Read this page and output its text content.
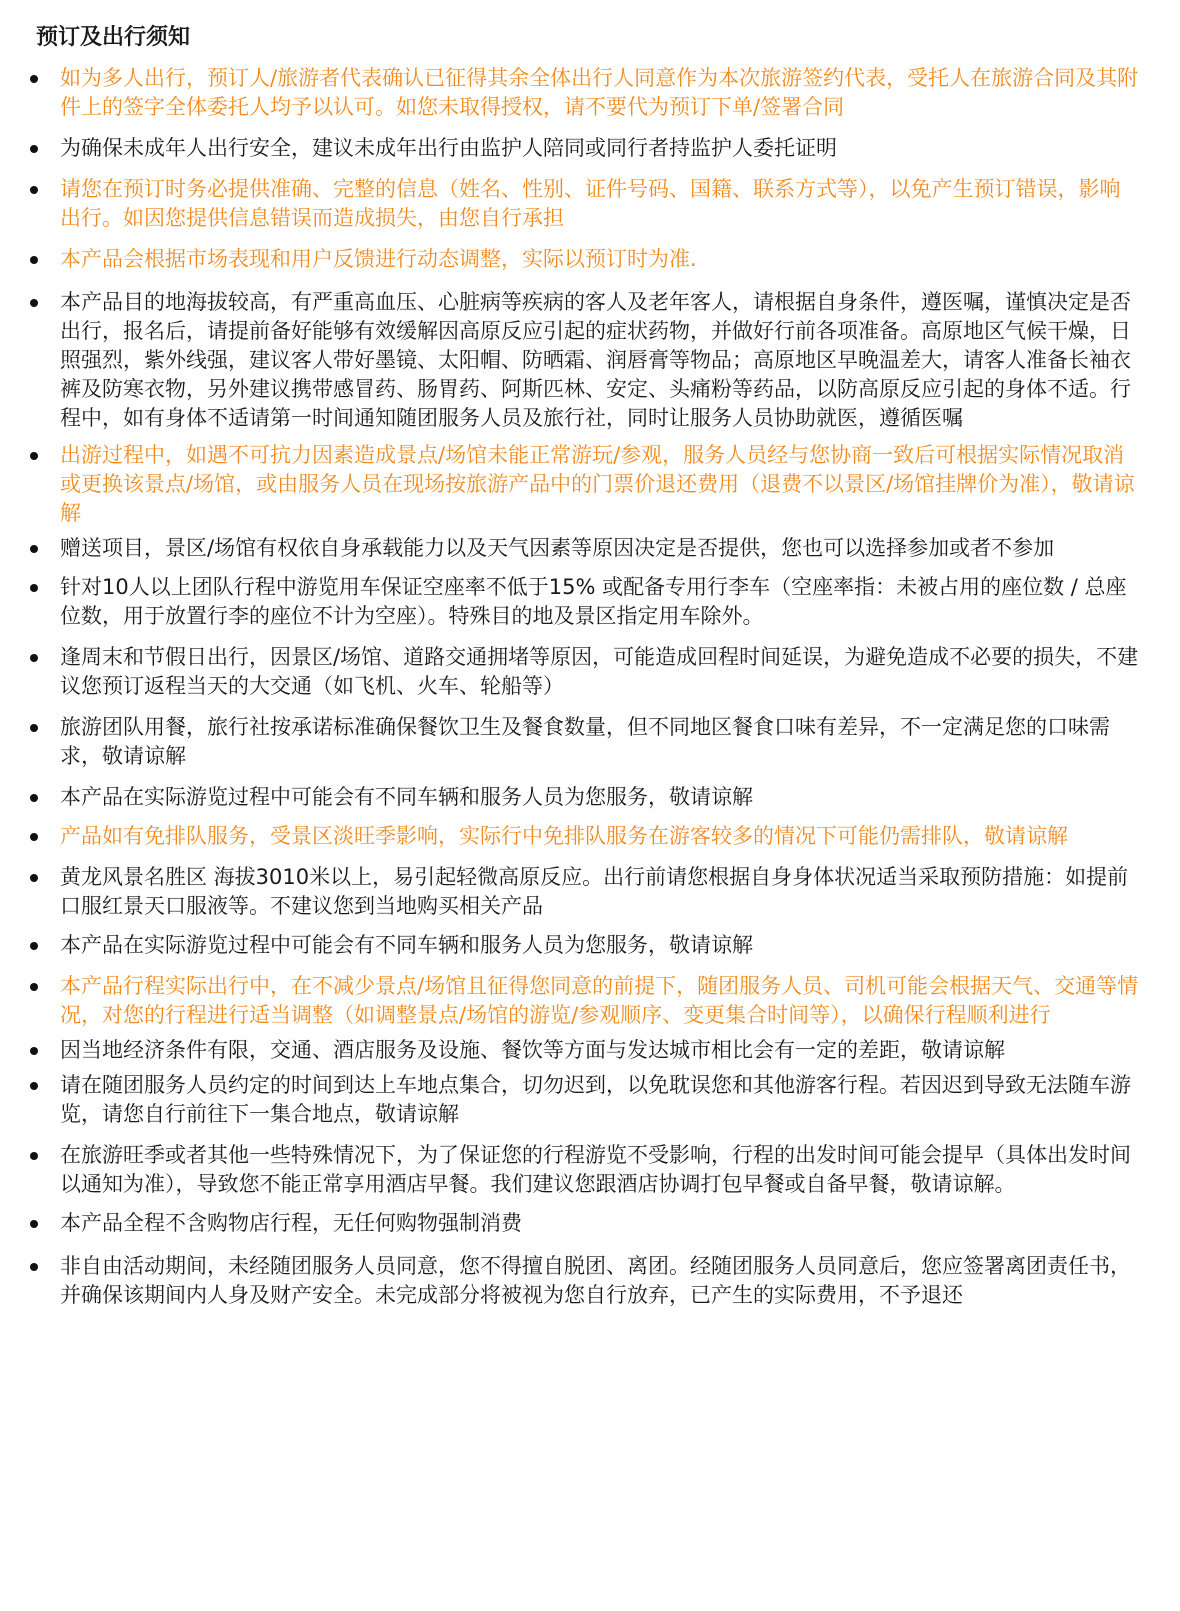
预订及出行须知
如为多人出行，预订人/旅游者代表确认已征得其余全体出行人同意作为本次旅游签约代表，受托人在旅游合同及其附件上的签字全体委托人均予以认可。如您未取得授权，请不要代为预订下单/签署合同
为确保未成年人出行安全，建议未成年出行由监护人陪同或同行者持监护人委托证明
请您在预订时务必提供准确、完整的信息（姓名、性别、证件号码、国籍、联系方式等），以免产生预订错误，影响出行。如因您提供信息错误而造成损失，由您自行承担
本产品会根据市场表现和用户反馈进行动态调整，实际以预订时为准.
本产品目的地海拔较高，有严重高血压、心脏病等疾病的客人及老年客人，请根据自身条件，遵医嘱，谨慎决定是否出行，报名后，请提前备好能够有效缓解因高原反应引起的症状药物，并做好行前各项准备。高原地区气候干燥，日照强烈，紫外线强，建议客人带好墨镜、太阳帽、防晒霜、润唇膏等物品；高原地区早晚温差大，请客人准备长袖衣裤及防寒衣物，另外建议携带感冒药、肠胃药、阿斯匹林、安定、头痛粉等药品，以防高原反应引起的身体不适。行程中，如有身体不适请第一时间通知随团服务人员及旅行社，同时让服务人员协助就医，遵循医嘱
出游过程中，如遇不可抗力因素造成景点/场馆未能正常游玩/参观，服务人员经与您协商一致后可根据实际情况取消或更换该景点/场馆，或由服务人员在现场按旅游产品中的门票价退还费用（退费不以景区/场馆挂牌价为准），敬请谅解
赠送项目，景区/场馆有权依自身承载能力以及天气因素等原因决定是否提供，您也可以选择参加或者不参加
针对10人以上团队行程中游览用车保证空座率不低于15% 或配备专用行李车（空座率指：未被占用的座位数 / 总座位数，用于放置行李的座位不计为空座）。特殊目的地及景区指定用车除外。
逢周末和节假日出行，因景区/场馆、道路交通拥堵等原因，可能造成回程时间延误，为避免造成不必要的损失，不建议您预订返程当天的大交通（如飞机、火车、轮船等）
旅游团队用餐，旅行社按承诺标准确保餐饮卫生及餐食数量，但不同地区餐食口味有差异，不一定满足您的口味需求，敬请谅解
本产品在实际游览过程中可能会有不同车辆和服务人员为您服务，敬请谅解
产品如有免排队服务，受景区淡旺季影响，实际行中免排队服务在游客较多的情况下可能仍需排队，敬请谅解
黄龙风景名胜区 海拔3010米以上，易引起轻微高原反应。出行前请您根据自身身体状况适当采取预防措施：如提前口服红景天口服液等。不建议您到当地购买相关产品
本产品在实际游览过程中可能会有不同车辆和服务人员为您服务，敬请谅解
本产品行程实际出行中，在不减少景点/场馆且征得您同意的前提下，随团服务人员、司机可能会根据天气、交通等情况，对您的行程进行适当调整（如调整景点/场馆的游览/参观顺序、变更集合时间等），以确保行程顺利进行
因当地经济条件有限，交通、酒店服务及设施、餐饮等方面与发达城市相比会有一定的差距，敬请谅解
请在随团服务人员约定的时间到达上车地点集合，切勿迟到，以免耽误您和其他游客行程。若因迟到导致无法随车游览，请您自行前往下一集合地点，敬请谅解
在旅游旺季或者其他一些特殊情况下，为了保证您的行程游览不受影响，行程的出发时间可能会提早（具体出发时间以通知为准），导致您不能正常享用酒店早餐。我们建议您跟酒店协调打包早餐或自备早餐，敬请谅解。
本产品全程不含购物店行程，无任何购物强制消费
非自由活动期间，未经随团服务人员同意，您不得擅自脱团、离团。经随团服务人员同意后，您应签署离团责任书，并确保该期间内人身及财产安全。未完成部分将被视为您自行放弃，已产生的实际费用，不予退还
